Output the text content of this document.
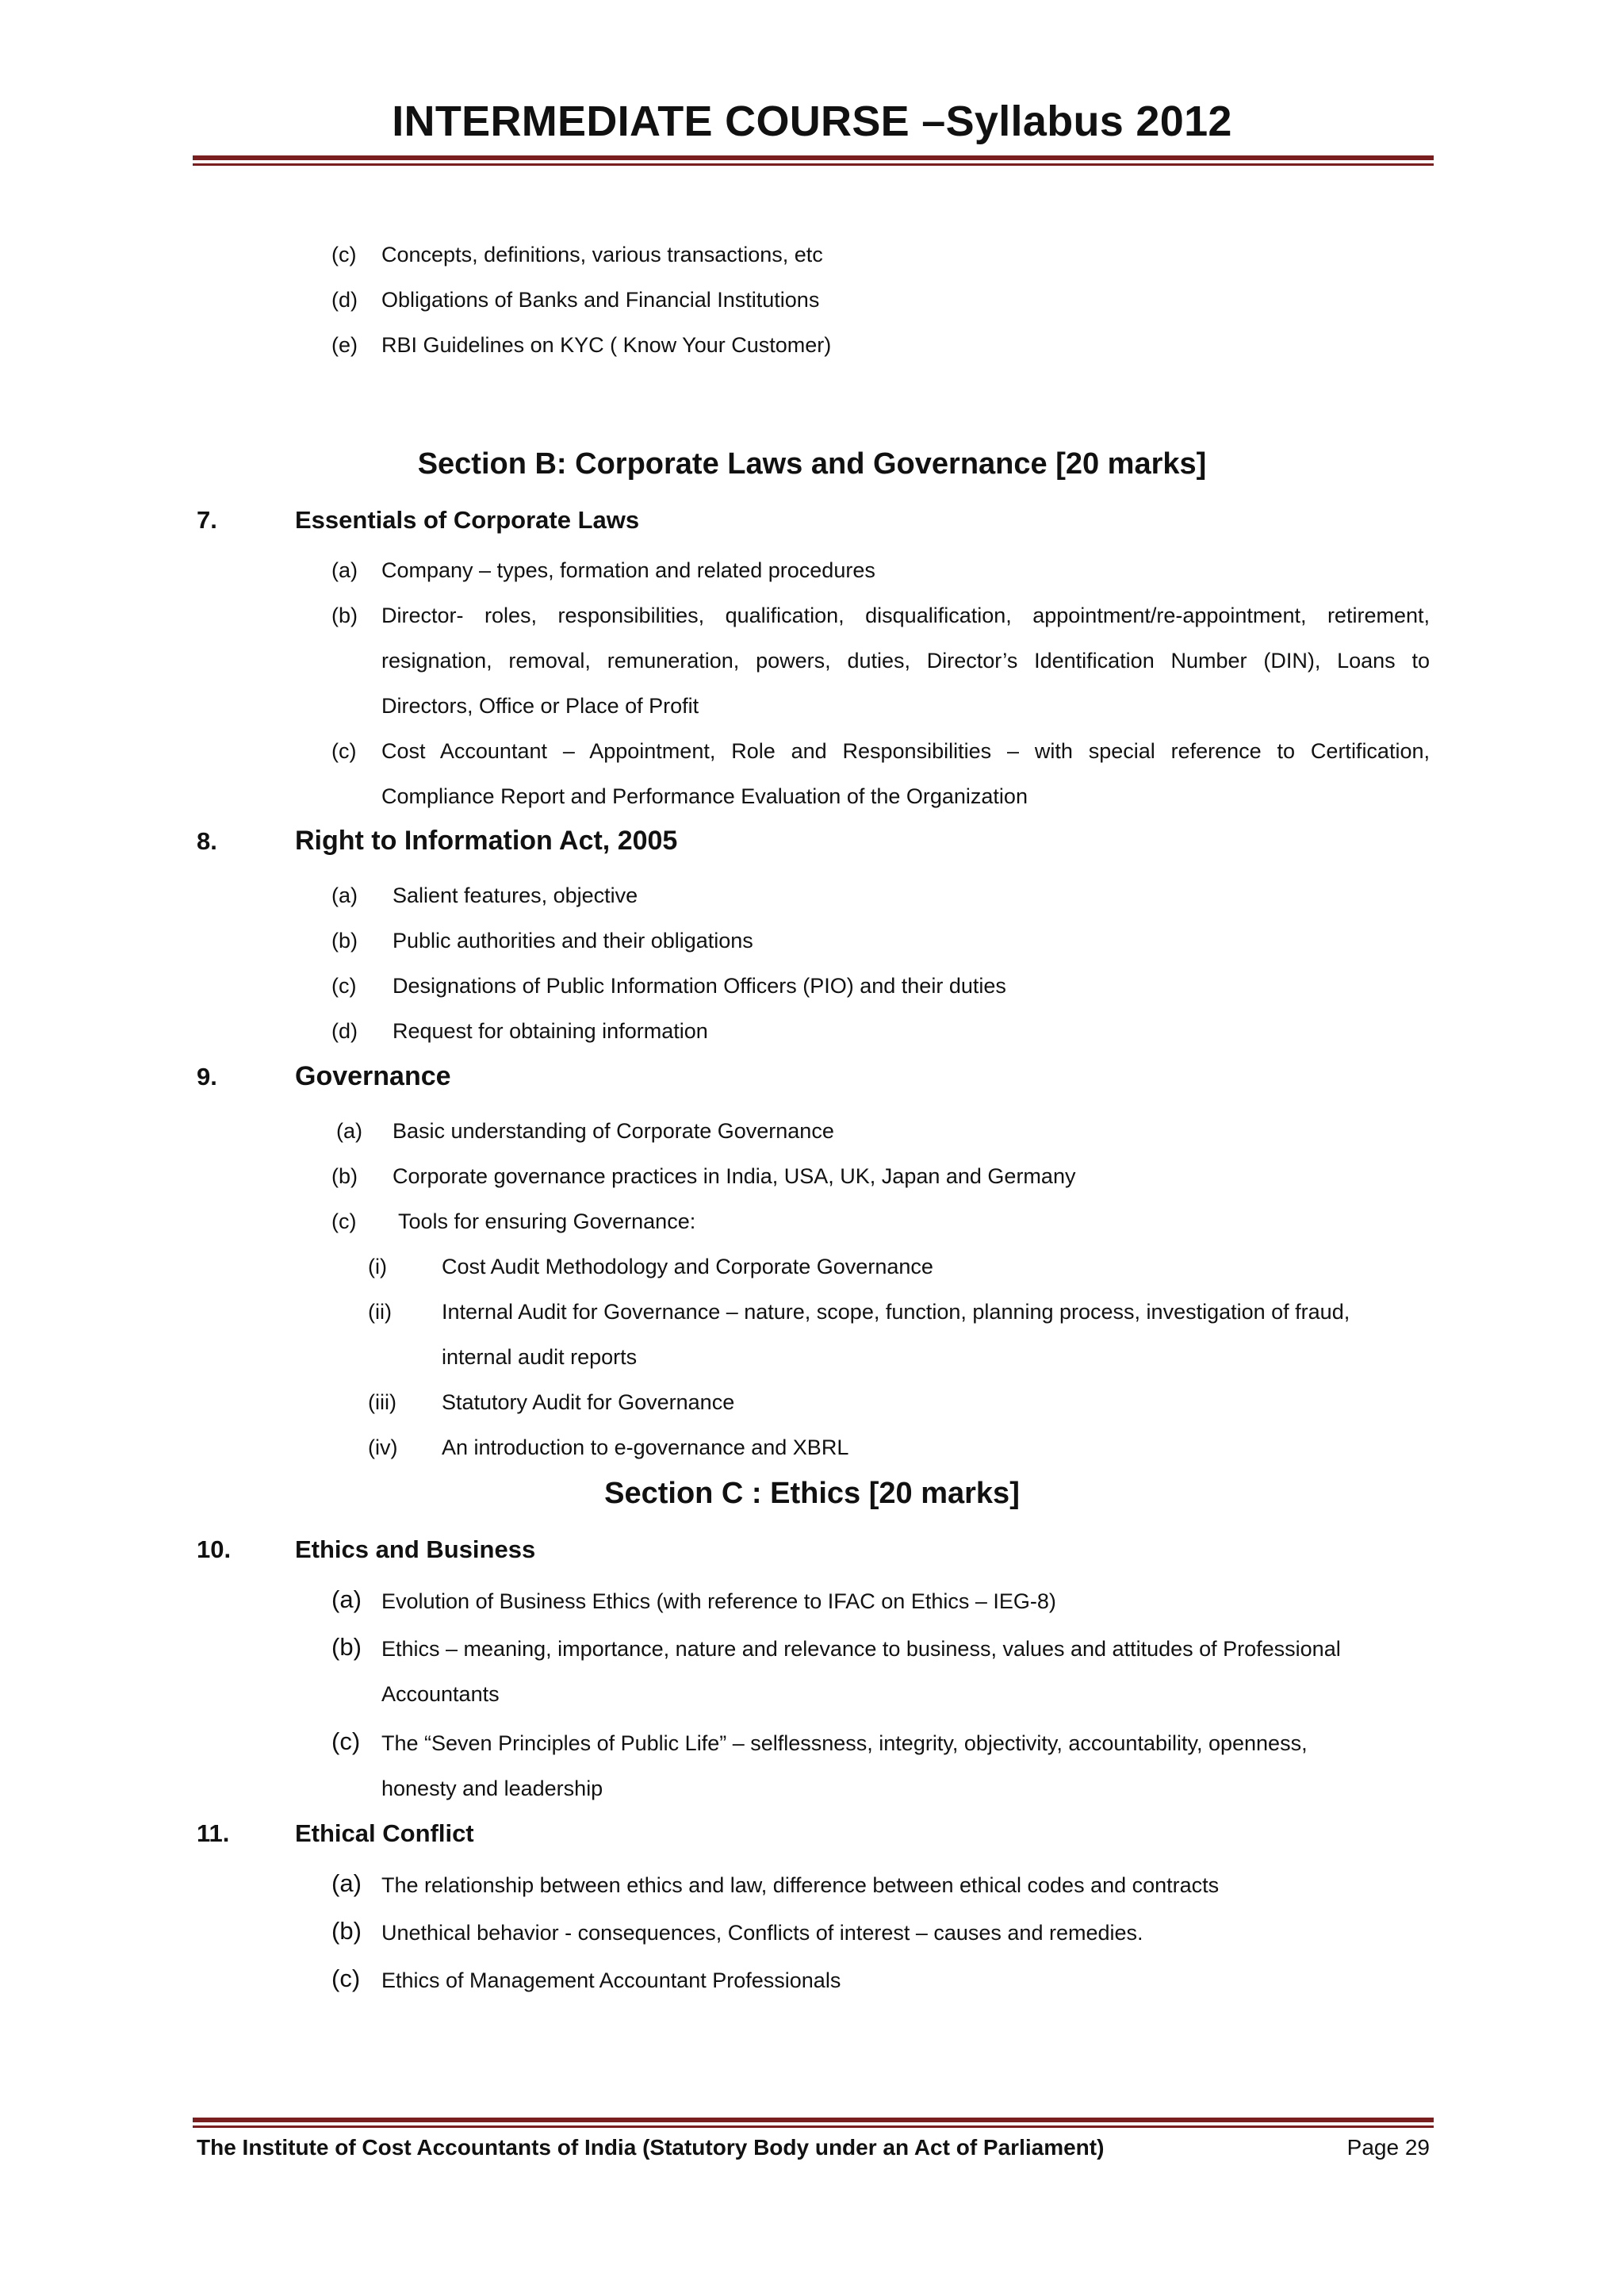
INTERMEDIATE COURSE –Syllabus 2012
(c) Concepts, definitions, various transactions, etc
(d) Obligations of Banks and Financial Institutions
(e) RBI Guidelines on KYC ( Know Your Customer)
Section B: Corporate Laws and Governance [20 marks]
7.	Essentials of Corporate Laws
(a) Company – types, formation and related procedures
(b) Director- roles, responsibilities, qualification, disqualification, appointment/re-appointment, retirement,
resignation, removal, remuneration, powers, duties, Director’s Identification Number (DIN), Loans to
Directors, Office or Place of Profit
(c) Cost Accountant – Appointment, Role and Responsibilities – with special reference to Certification,
Compliance Report and Performance Evaluation of the Organization
8.	Right to Information Act, 2005
(a) Salient features, objective
(b) Public authorities and their obligations
(c) Designations of Public Information Officers (PIO) and their duties
(d) Request for obtaining information
9.	Governance
(a) Basic understanding of Corporate Governance
(b) Corporate governance practices in India, USA, UK, Japan and Germany
(c) Tools for ensuring Governance:
(i)	Cost Audit Methodology and Corporate Governance
(ii) Internal Audit for Governance – nature, scope, function, planning process, investigation of fraud,
internal audit reports
(iii) Statutory Audit for Governance
(iv) An introduction to e-governance and XBRL
Section C : Ethics [20 marks]
10.	Ethics and Business
(a) Evolution of Business Ethics (with reference to IFAC on Ethics – IEG-8)
(b) Ethics – meaning, importance, nature and relevance to business, values and attitudes of Professional
Accountants
(c) The “Seven Principles of Public Life” – selflessness, integrity, objectivity, accountability, openness,
honesty and leadership
11.	Ethical Conflict
(a) The relationship between ethics and law, difference between ethical codes and contracts
(b) Unethical behavior - consequences, Conflicts of interest – causes and remedies.
(c) Ethics of Management Accountant Professionals
The Institute of Cost Accountants of India (Statutory Body under an Act of Parliament)	Page 29
